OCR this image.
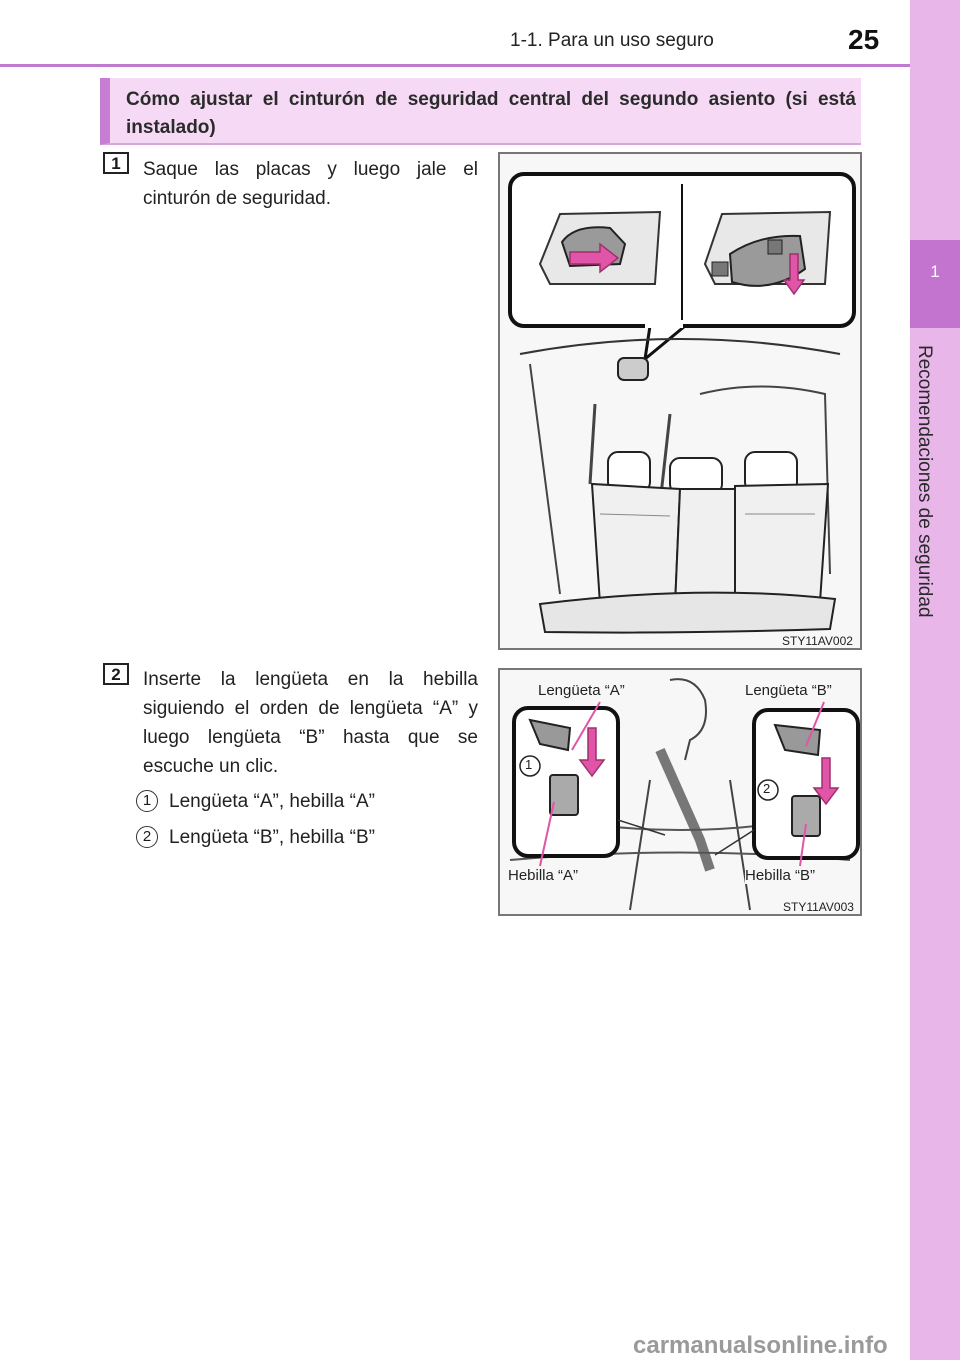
1-1. Para un uso seguro	25
1
Recomendaciones de seguridad
Cómo ajustar el cinturón de seguridad central del segundo asiento (si está instalado)
1	Saque las placas y luego jale el cinturón de seguridad.
STY11AV002
2	Inserte la lengüeta en la hebilla siguiendo el orden de lengüeta “A” y luego lengüeta “B” hasta que se escuche un clic.
1 Lengüeta “A”, hebilla “A”
2 Lengüeta “B”, hebilla “B”
Lengüeta “A”	Lengüeta “B”
Hebilla “A”	Hebilla “B”
1
2
STY11AV003
carmanualsonline.info
